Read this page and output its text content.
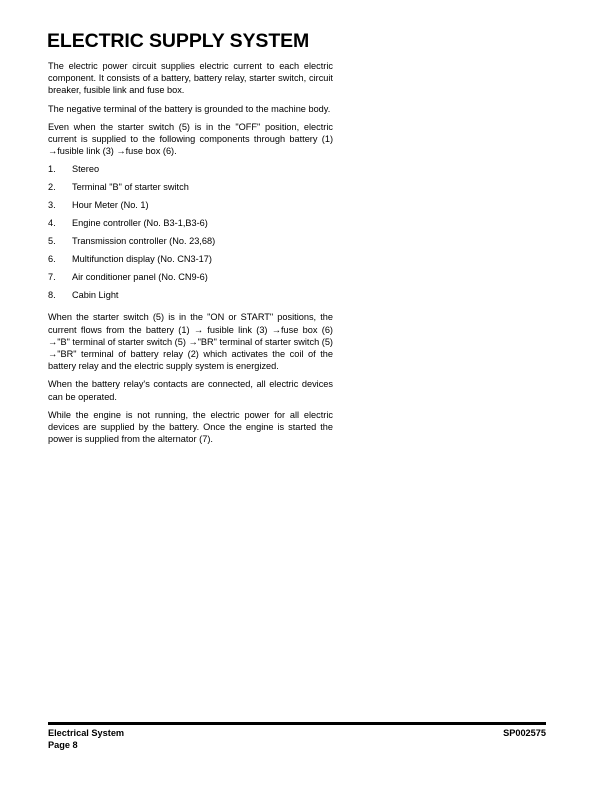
ELECTRIC SUPPLY SYSTEM

The electric power circuit supplies electric current to each electric component. It consists of a battery, battery relay, starter switch, circuit breaker, fusible link and fuse box.

The negative terminal of the battery is grounded to the machine body.

Even when the starter switch (5) is in the "OFF" position, electric current is supplied to the following components through battery (1) →fusible link (3) →fuse box (6).

1.	Stereo
2.	Terminal "B" of starter switch
3.	Hour Meter (No. 1)
4.	Engine controller (No. B3-1,B3-6)
5.	Transmission controller (No. 23,68)
6.	Multifunction display (No. CN3-17)
7.	Air conditioner panel (No. CN9-6)
8.	Cabin Light

When the starter switch (5) is in the "ON or START" positions, the current flows from the battery (1) → fusible link (3) →fuse box (6) →"B" terminal of starter switch (5) →"BR" terminal of starter switch (5) →"BR" terminal of battery relay (2) which activates the coil of the battery relay and the electric supply system is energized.

When the battery relay's contacts are connected, all electric devices can be operated.

While the engine is not running, the electric power for all electric devices are supplied by the battery. Once the engine is started the power is supplied from the alternator (7).

Electrical System
Page 8
SP002575
